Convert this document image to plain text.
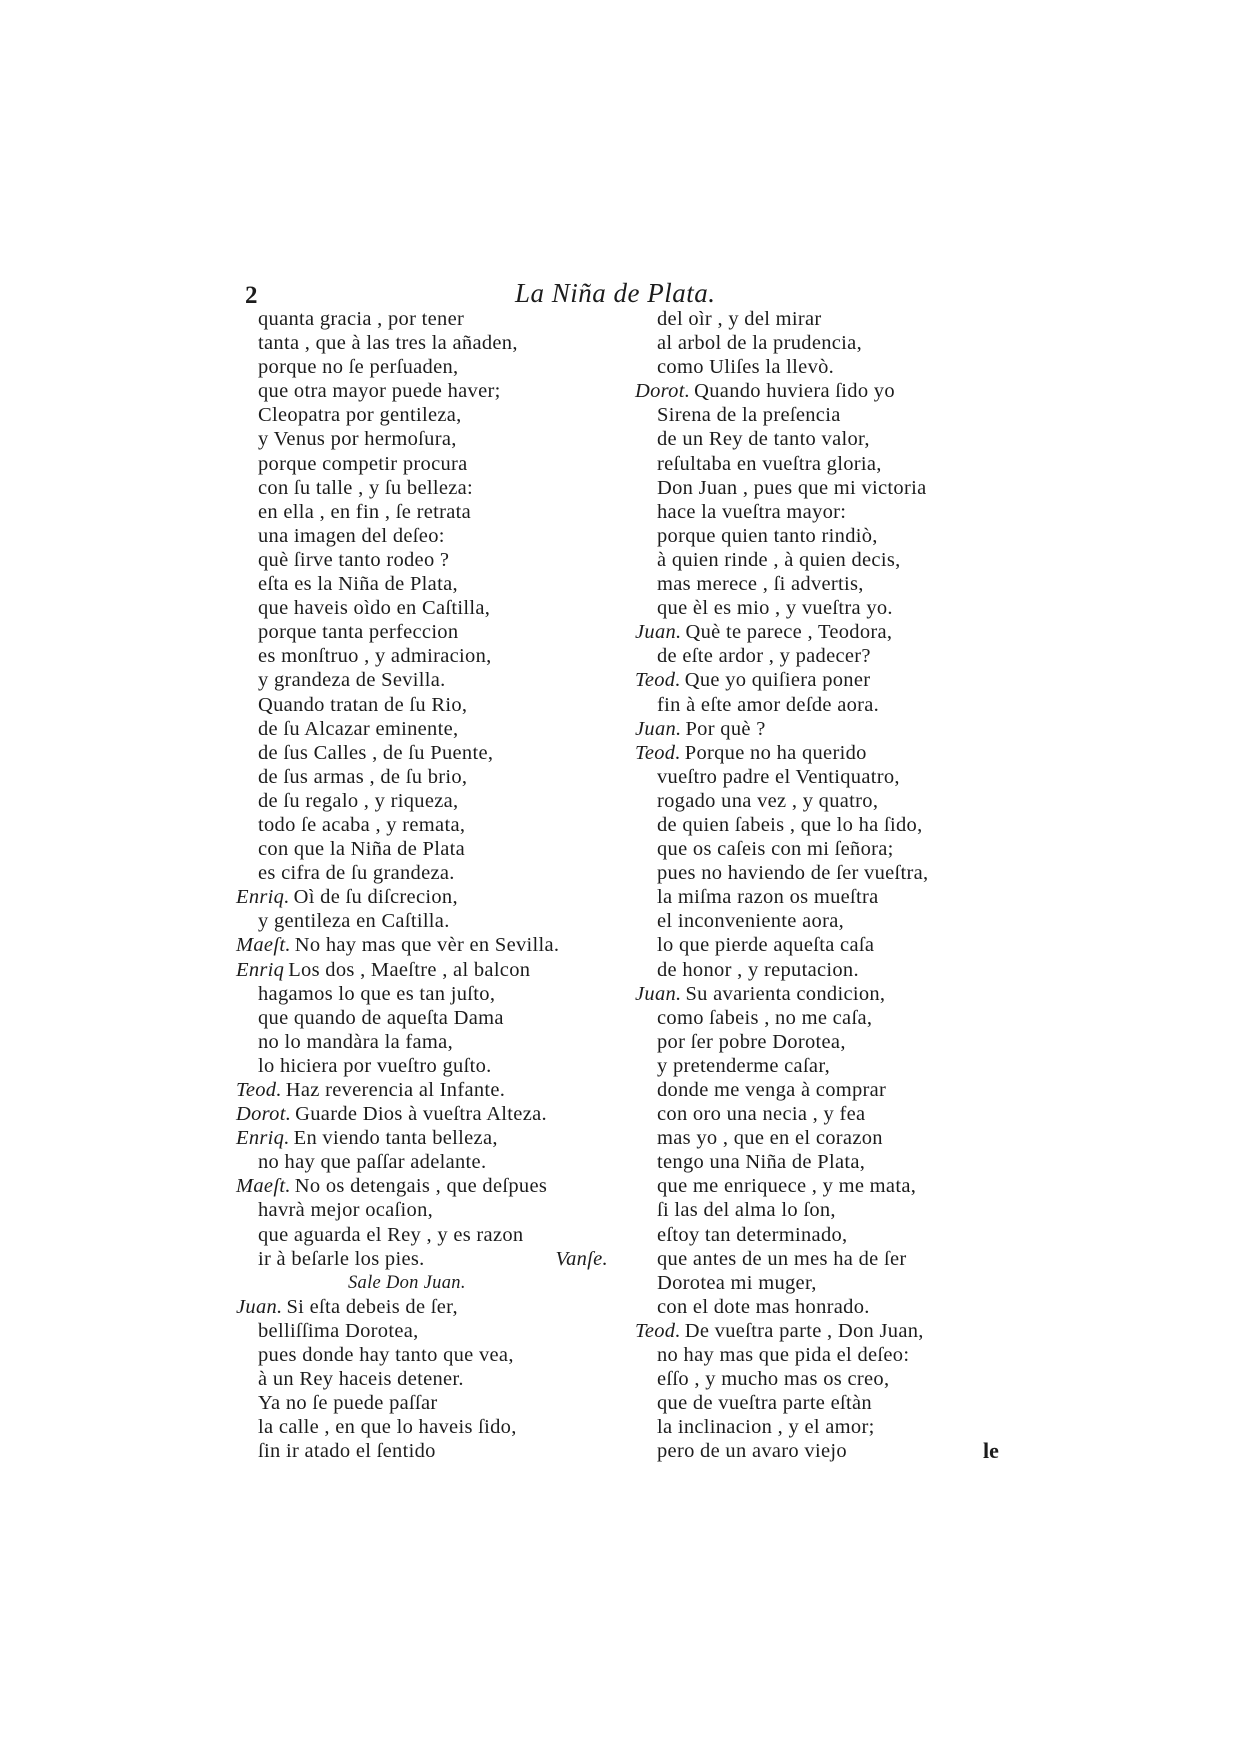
2	La Niña de Plata.
quanta gracia , por tener
tanta , que à las tres la añaden,
porque no ſe perſuaden,
que otra mayor puede haver;
Cleopatra por gentileza,
y Venus por hermoſura,
porque competir procura
con ſu talle , y ſu belleza:
en ella , en fin , ſe retrata
una imagen del deſeo:
què ſirve tanto rodeo ?
eſta es la Niña de Plata,
que haveis oìdo en Caſtilla,
porque tanta perfeccion
es monſtruo , y admiracion,
y grandeza de Sevilla.
Quando tratan de ſu Rio,
de ſu Alcazar eminente,
de ſus Calles , de ſu Puente,
de ſus armas , de ſu brio,
de ſu regalo , y riqueza,
todo ſe acaba , y remata,
con que la Niña de Plata
es cifra de ſu grandeza.
Enriq. Oì de ſu diſcrecion,
y gentileza en Caſtilla.
Maeſt. No hay mas que vèr en Sevilla.
Enriq Los dos , Maeſtre , al balcon
hagamos lo que es tan juſto,
que quando de aqueſta Dama
no lo mandàra la fama,
lo hiciera por vueſtro guſto.
Teod. Haz reverencia al Infante.
Dorot. Guarde Dios à vueſtra Alteza.
Enriq. En viendo tanta belleza,
no hay que paſſar adelante.
Maeſt. No os detengais , que deſpues
havrà mejor ocaſion,
que aguarda el Rey , y es razon
ir à beſarle los pies.	Vanſe.
Sale Don Juan.
Juan. Si eſta debeis de ſer,
belliſſima Dorotea,
pues donde hay tanto que vea,
à un Rey haceis detener.
Ya no ſe puede paſſar
la calle , en que lo haveis ſido,
ſin ir atado el ſentido
del oìr , y del mirar
al arbol de la prudencia,
como Uliſes la llevò.
Dorot. Quando huviera ſido yo
Sirena de la preſencia
de un Rey de tanto valor,
reſultaba en vueſtra gloria,
Don Juan , pues que mi victoria
hace la vueſtra mayor:
porque quien tanto rindiò,
à quien rinde , à quien decis,
mas merece , ſi advertis,
que èl es mio , y vueſtra yo.
Juan. Què te parece , Teodora,
de eſte ardor , y padecer?
Teod. Que yo quiſiera poner
fin à eſte amor deſde aora.
Juan. Por què ?
Teod. Porque no ha querido
vueſtro padre el Ventiquatro,
rogado una vez , y quatro,
de quien ſabeis , que lo ha ſido,
que os caſeis con mi ſeñora;
pues no haviendo de ſer vueſtra,
la miſma razon os mueſtra
el inconveniente aora,
lo que pierde aqueſta caſa
de honor , y reputacion.
Juan. Su avarienta condicion,
como ſabeis , no me caſa,
por ſer pobre Dorotea,
y pretenderme caſar,
donde me venga à comprar
con oro una necia , y fea
mas yo , que en el corazon
tengo una Niña de Plata,
que me enriquece , y me mata,
ſi las del alma lo ſon,
eſtoy tan determinado,
que antes de un mes ha de ſer
Dorotea mi muger,
con el dote mas honrado.
Teod. De vueſtra parte , Don Juan,
no hay mas que pida el deſeo:
eſſo , y mucho mas os creo,
que de vueſtra parte eſtàn
la inclinacion , y el amor;
pero de un avaro viejo	le
